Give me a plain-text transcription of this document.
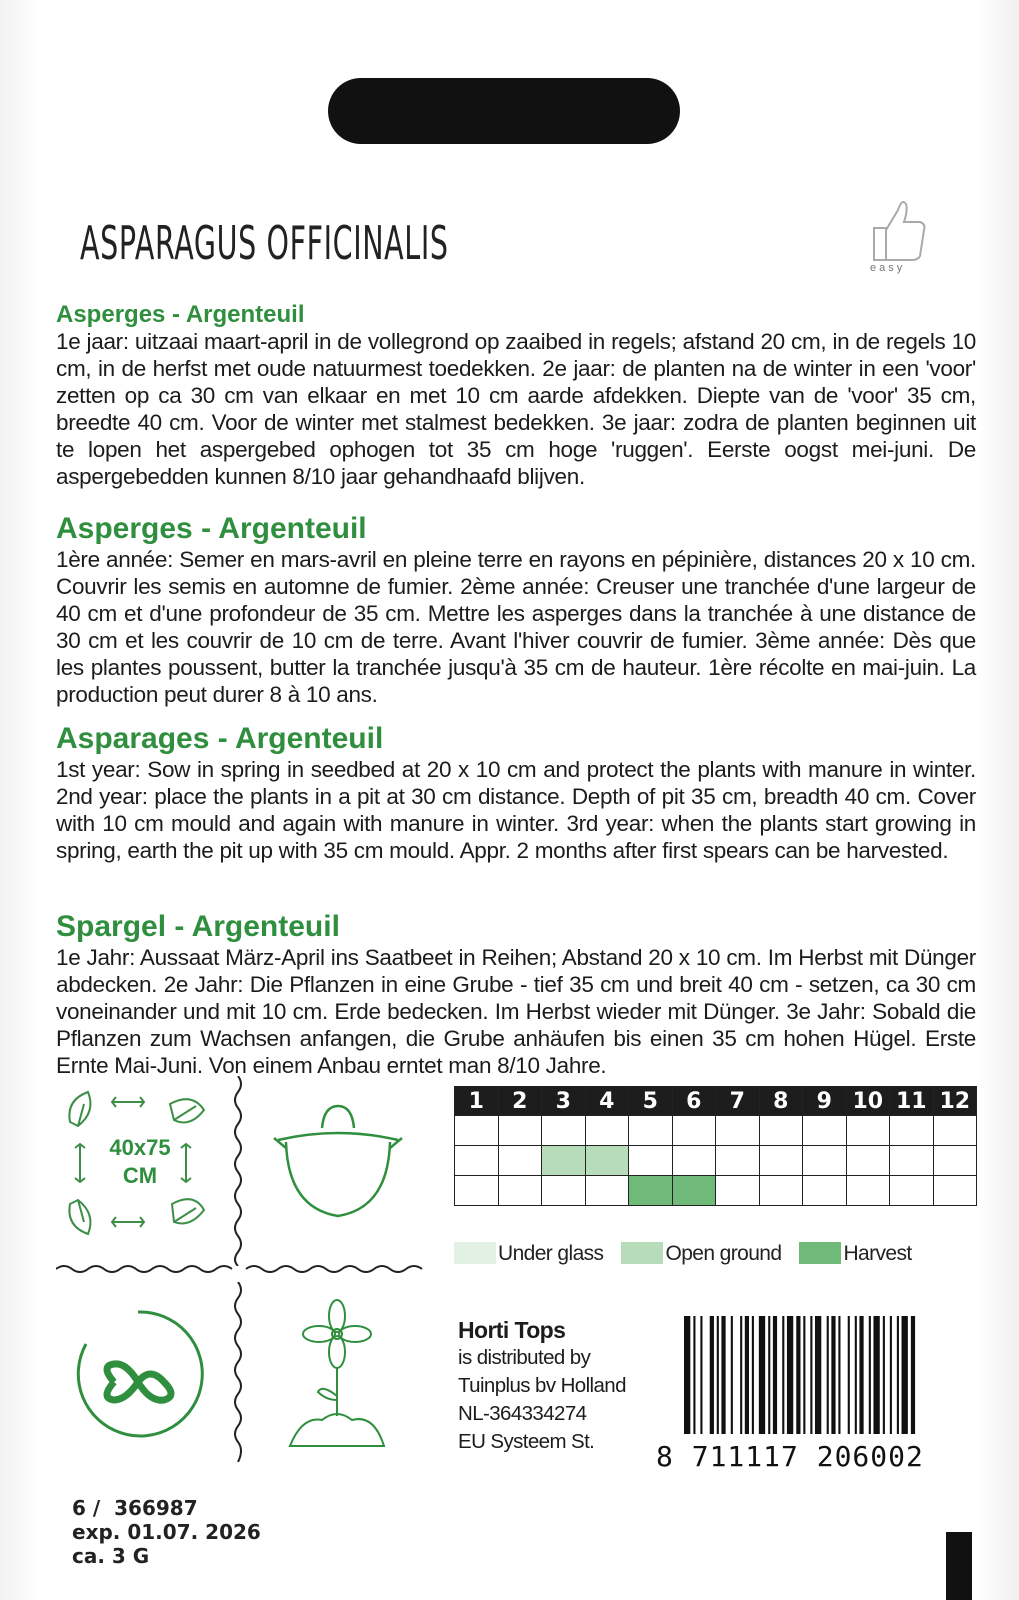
ASPARAGUS OFFICINALIS	easy
Asperges - Argenteuil

1e jaar: uitzaai maart-april in de vollegrond op zaaibed in regels; afstand 20 cm, in de regels 10 cm, in de herfst met oude natuurmest toedekken. 2e jaar: de planten na de winter in een 'voor' zetten op ca 30 cm van elkaar en met 10 cm aarde afdekken. Diepte van de 'voor' 35 cm, breedte 40 cm. Voor de winter met stalmest bedekken. 3e jaar: zodra de planten beginnen uit te lopen het aspergebed ophogen tot 35 cm hoge 'ruggen'. Eerste oogst mei-juni. De aspergebedden kunnen 8/10 jaar gehandhaafd blijven.

Asperges - Argenteuil

1ère année: Semer en mars-avril en pleine terre en rayons en pépinière, distances 20 x 10 cm. Couvrir les semis en automne de fumier. 2ème année: Creuser une tranchée d'une largeur de 40 cm et d'une profondeur de 35 cm. Mettre les asperges dans la tranchée à une distance de 30 cm et les couvrir de 10 cm de terre. Avant l'hiver couvrir de fumier. 3ème année: Dès que les plantes poussent, butter la tranchée jusqu'à 35 cm de hauteur. 1ère récolte en mai-juin. La production peut durer 8 à 10 ans.

Asparages - Argenteuil

1st year: Sow in spring in seedbed at 20 x 10 cm and protect the plants with manure in winter. 2nd year: place the plants in a pit at 30 cm distance. Depth of pit 35 cm, breadth 40 cm. Cover with 10 cm mould and again with manure in winter. 3rd year: when the plants start growing in spring, earth the pit up with 35 cm mould. Appr. 2 months after first spears can be harvested.

Spargel - Argenteuil

1e Jahr: Aussaat März-April ins Saatbeet in Reihen; Abstand 20 x 10 cm. Im Herbst mit Dünger abdecken. 2e Jahr: Die Pflanzen in eine Grube - tief 35 cm und breit 40 cm - setzen, ca 30 cm voneinander und mit 10 cm. Erde bedecken. Im Herbst wieder mit Dünger. 3e Jahr: Sobald die Pflanzen zum Wachsen anfangen, die Grube anhäufen bis einen 35 cm hohen Hügel. Erste Ernte Mai-Juni. Von einem Anbau erntet man 8/10 Jahre.

40x75
CM
1	2	3	4	5	6	7	8	9	10	11	12

Under glass	Open ground	Harvest
Horti Tops
is distributed by
Tuinplus bv Holland
NL-364334274
EU Systeem St.	8 711117 206002
6 /  366987
exp. 01.07. 2026
ca. 3 G
